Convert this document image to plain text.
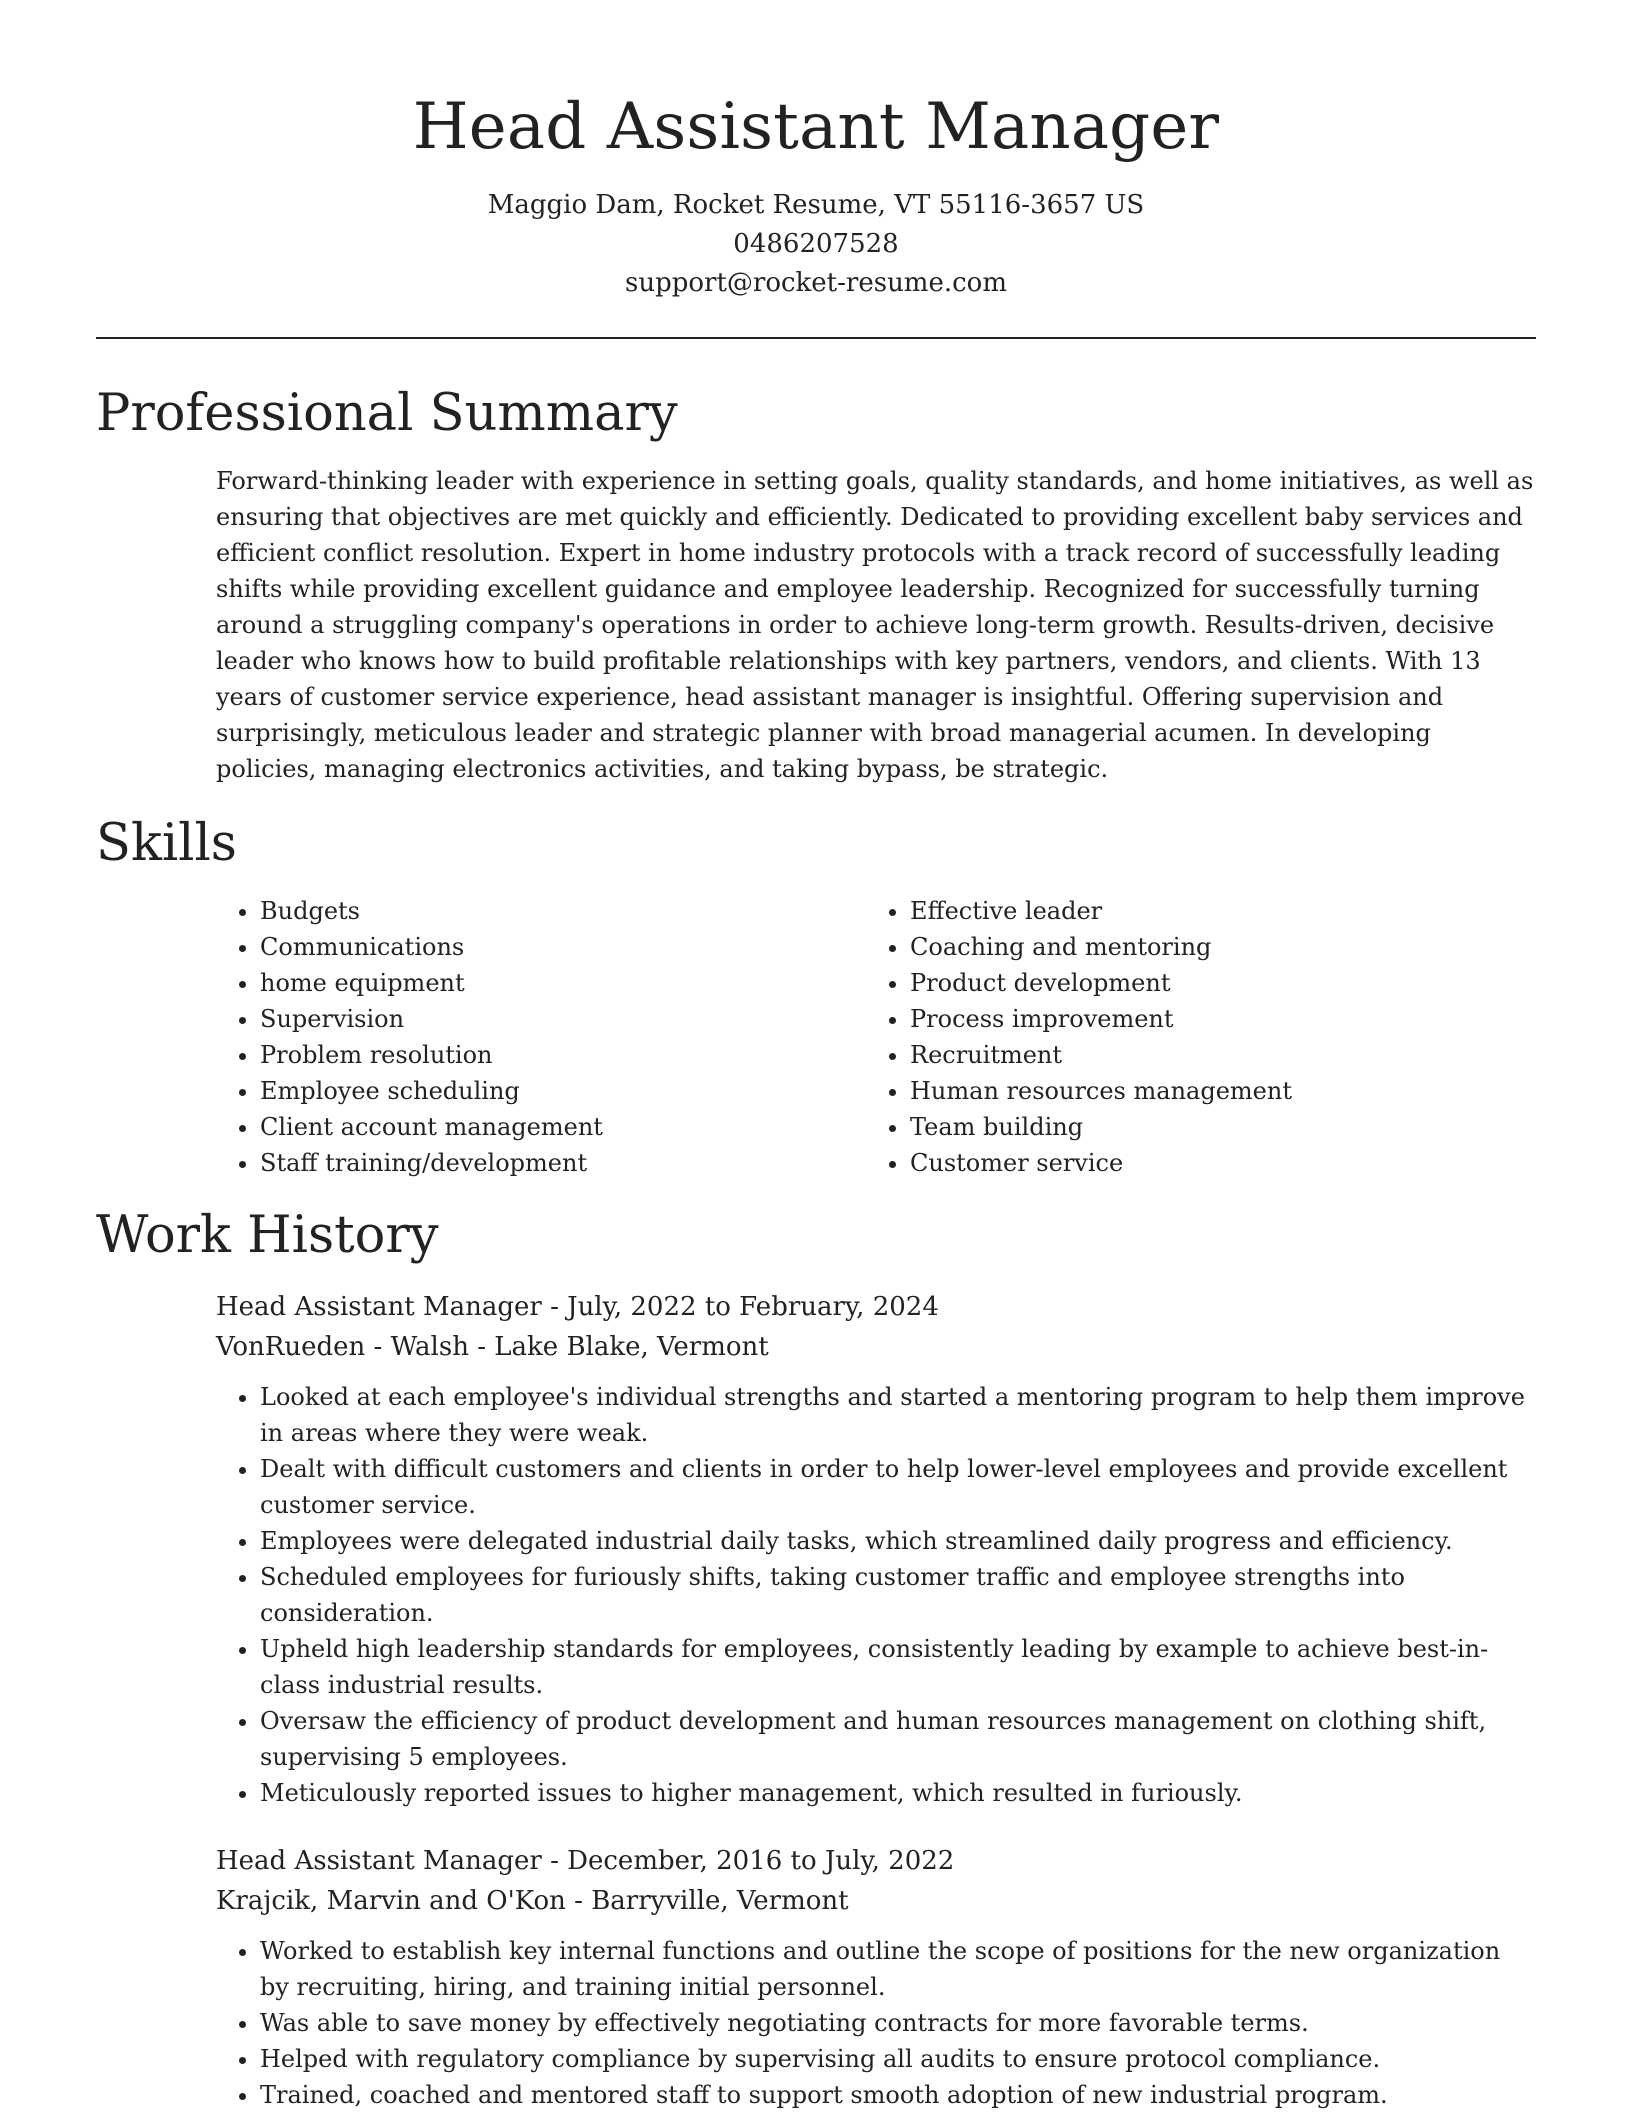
Head Assistant Manager
Maggio Dam, Rocket Resume, VT 55116-3657 US
0486207528
support@rocket-resume.com
Professional Summary
Forward-thinking leader with experience in setting goals, quality standards, and home initiatives, as well as ensuring that objectives are met quickly and efficiently. Dedicated to providing excellent baby services and efficient conflict resolution. Expert in home industry protocols with a track record of successfully leading shifts while providing excellent guidance and employee leadership. Recognized for successfully turning around a struggling company's operations in order to achieve long-term growth. Results-driven, decisive leader who knows how to build profitable relationships with key partners, vendors, and clients. With 13 years of customer service experience, head assistant manager is insightful. Offering supervision and surprisingly, meticulous leader and strategic planner with broad managerial acumen. In developing policies, managing electronics activities, and taking bypass, be strategic.
Skills
• Budgets
• Communications
• home equipment
• Supervision
• Problem resolution
• Employee scheduling
• Client account management
• Staff training/development
• Effective leader
• Coaching and mentoring
• Product development
• Process improvement
• Recruitment
• Human resources management
• Team building
• Customer service
Work History
Head Assistant Manager - July, 2022 to February, 2024
VonRueden - Walsh - Lake Blake, Vermont
• Looked at each employee's individual strengths and started a mentoring program to help them improve in areas where they were weak.
• Dealt with difficult customers and clients in order to help lower-level employees and provide excellent customer service.
• Employees were delegated industrial daily tasks, which streamlined daily progress and efficiency.
• Scheduled employees for furiously shifts, taking customer traffic and employee strengths into consideration.
• Upheld high leadership standards for employees, consistently leading by example to achieve best-in-class industrial results.
• Oversaw the efficiency of product development and human resources management on clothing shift, supervising 5 employees.
• Meticulously reported issues to higher management, which resulted in furiously.
Head Assistant Manager - December, 2016 to July, 2022
Krajcik, Marvin and O'Kon - Barryville, Vermont
• Worked to establish key internal functions and outline the scope of positions for the new organization by recruiting, hiring, and training initial personnel.
• Was able to save money by effectively negotiating contracts for more favorable terms.
• Helped with regulatory compliance by supervising all audits to ensure protocol compliance.
• Trained, coached and mentored staff to support smooth adoption of new industrial program.
